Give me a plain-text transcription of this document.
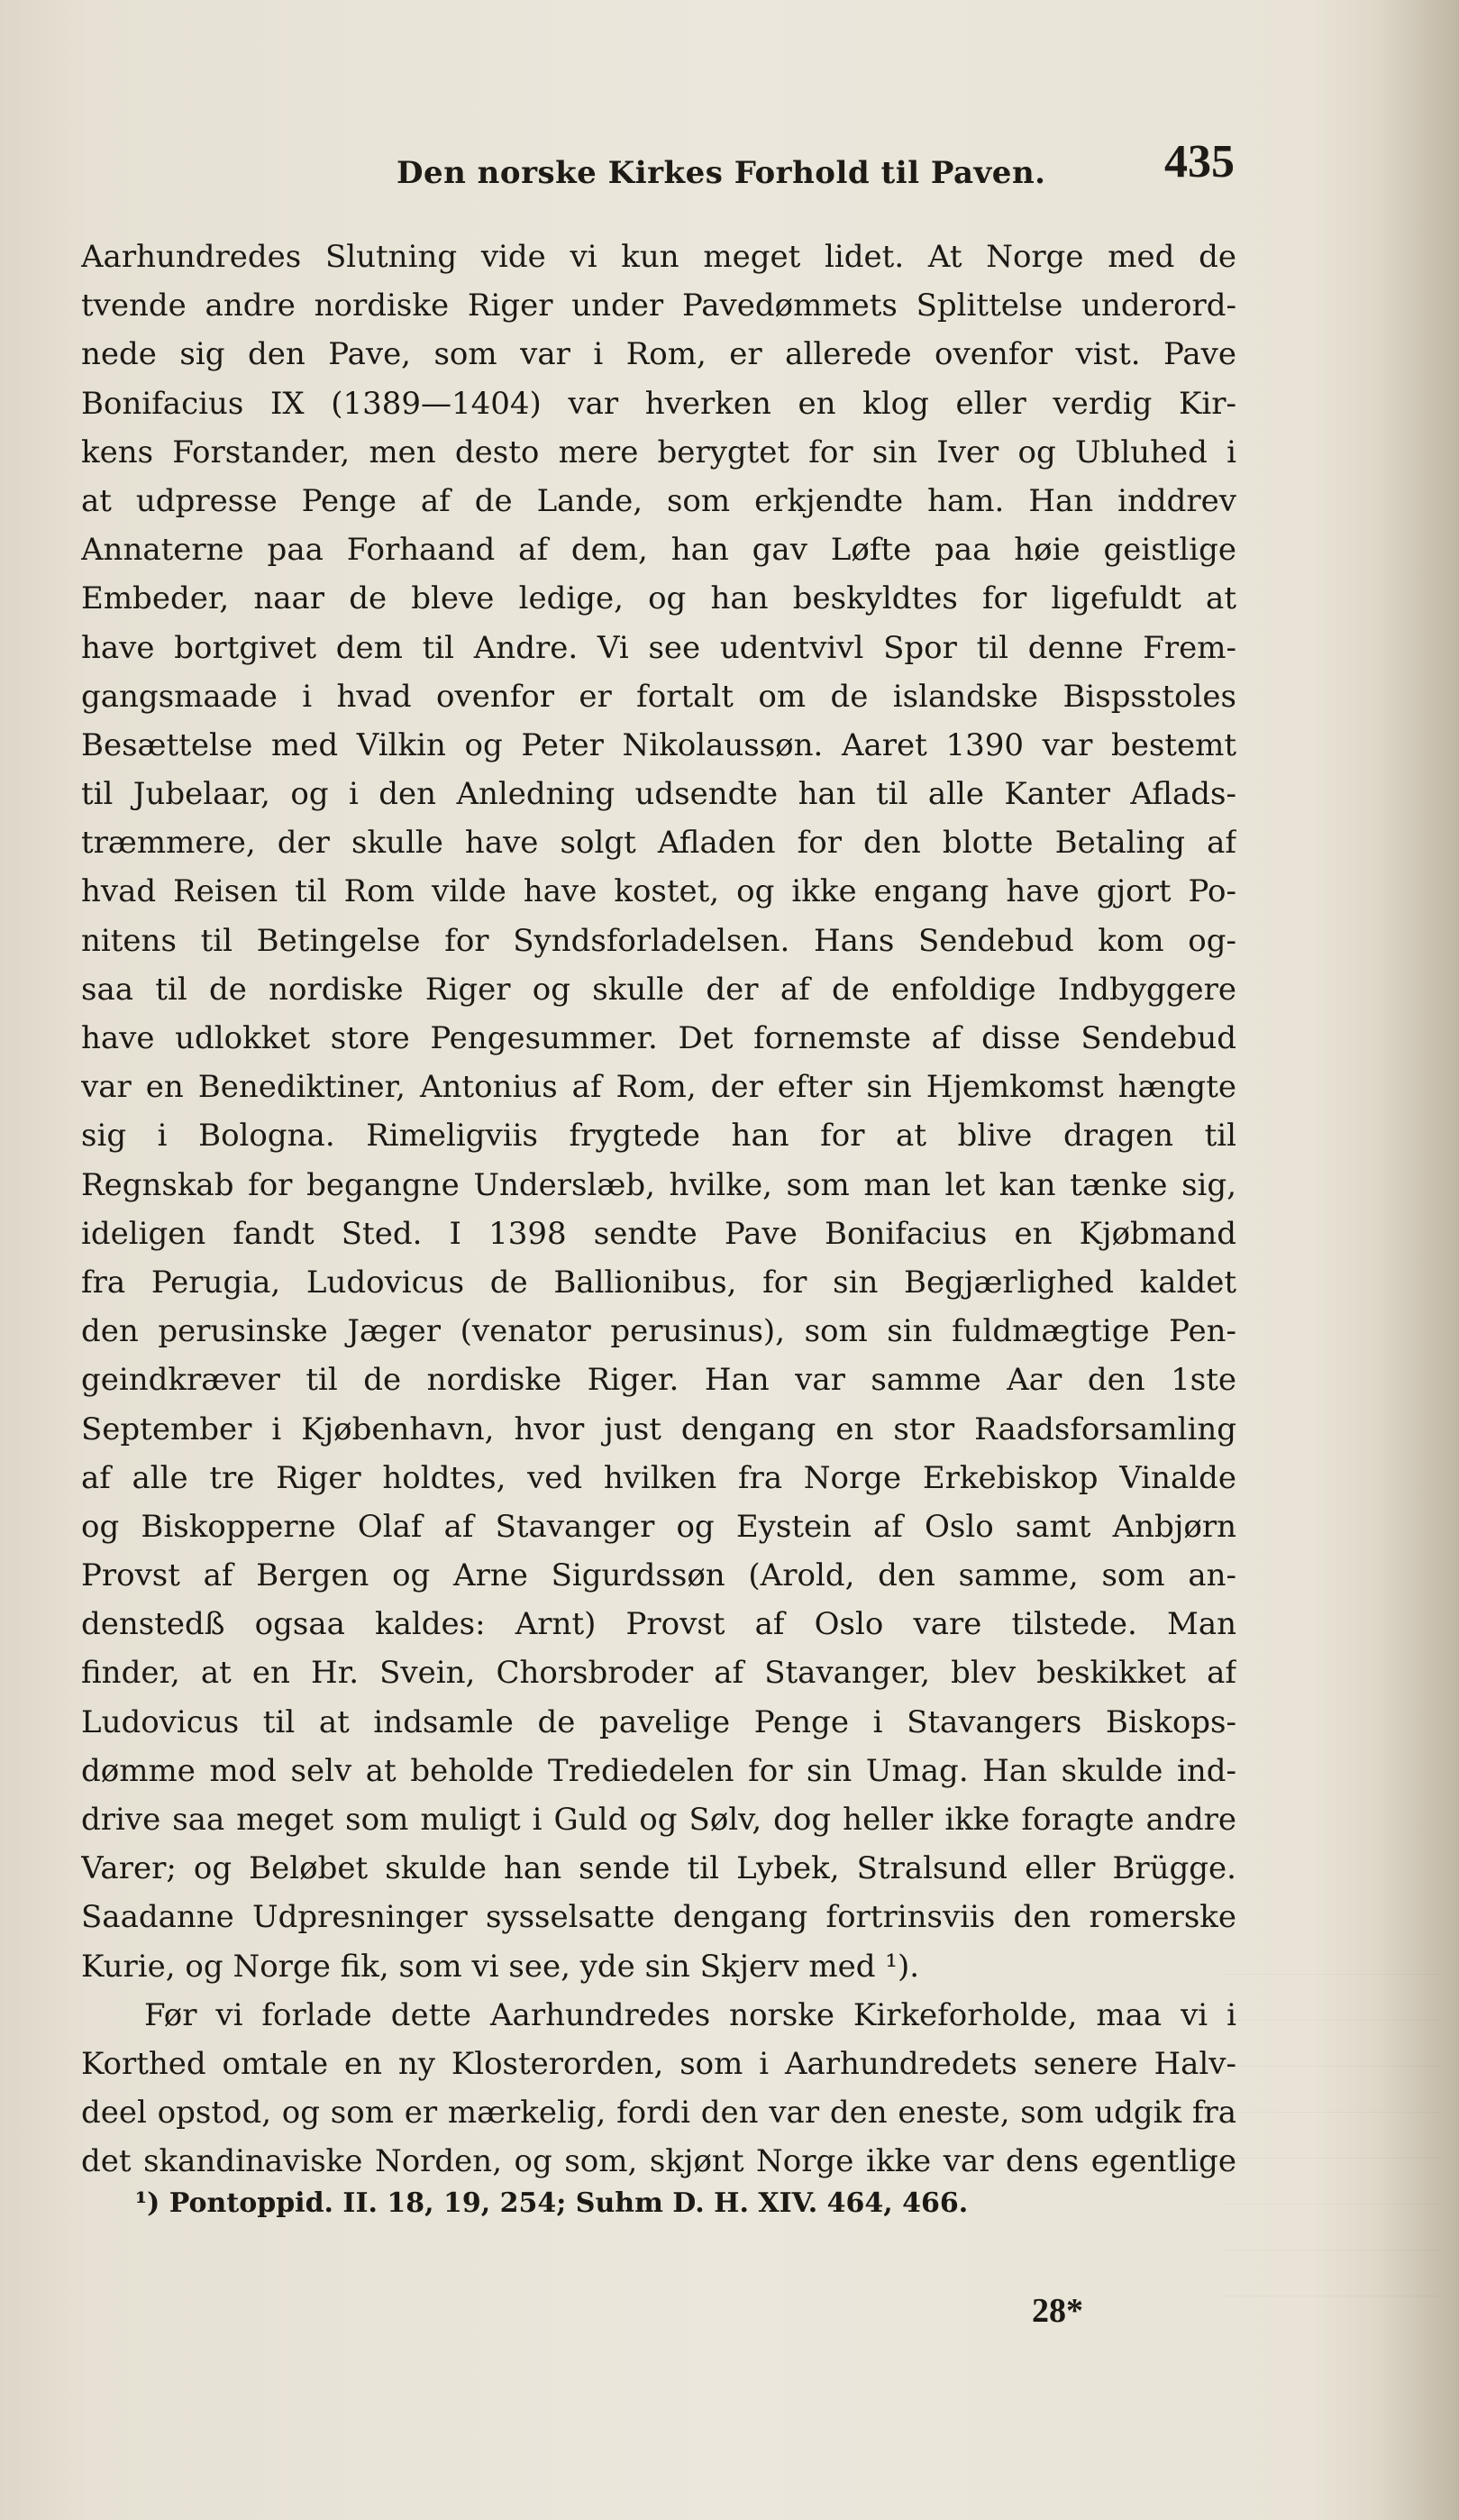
Den norske Kirkes Forhold til Paven.	435
Aarhundredes Slutning vide vi kun meget lidet. At Norge med de
tvende andre nordiske Riger under Pavedømmets Splittelse underord-
nede sig den Pave, som var i Rom, er allerede ovenfor vist. Pave
Bonifacius IX (1389—1404) var hverken en klog eller verdig Kir-
kens Forstander, men desto mere berygtet for sin Iver og Ubluhed i
at udpresse Penge af de Lande, som erkjendte ham. Han inddrev
Annaterne paa Forhaand af dem, han gav Løfte paa høie geistlige
Embeder, naar de bleve ledige, og han beskyldtes for ligefuldt at
have bortgivet dem til Andre. Vi see udentvivl Spor til denne Frem-
gangsmaade i hvad ovenfor er fortalt om de islandske Bispsstoles
Besættelse med Vilkin og Peter Nikolaussøn. Aaret 1390 var bestemt
til Jubelaar, og i den Anledning udsendte han til alle Kanter Aflads-
træmmere, der skulle have solgt Afladen for den blotte Betaling af
hvad Reisen til Rom vilde have kostet, og ikke engang have gjort Po-
nitens til Betingelse for Syndsforladelsen. Hans Sendebud kom og-
saa til de nordiske Riger og skulle der af de enfoldige Indbyggere
have udlokket store Pengesummer. Det fornemste af disse Sendebud
var en Benediktiner, Antonius af Rom, der efter sin Hjemkomst hængte
sig i Bologna. Rimeligviis frygtede han for at blive dragen til
Regnskab for begangne Underslæb, hvilke, som man let kan tænke sig,
ideligen fandt Sted. I 1398 sendte Pave Bonifacius en Kjøbmand
fra Perugia, Ludovicus de Ballionibus, for sin Begjærlighed kaldet
den perusinske Jæger (venator perusinus), som sin fuldmægtige Pen-
geindkræver til de nordiske Riger. Han var samme Aar den 1ste
September i Kjøbenhavn, hvor just dengang en stor Raadsforsamling
af alle tre Riger holdtes, ved hvilken fra Norge Erkebiskop Vinalde
og Biskopperne Olaf af Stavanger og Eystein af Oslo samt Anbjørn
Provst af Bergen og Arne Sigurdssøn (Arold, den samme, som an-
denstedß ogsaa kaldes: Arnt) Provst af Oslo vare tilstede. Man
finder, at en Hr. Svein, Chorsbroder af Stavanger, blev beskikket af
Ludovicus til at indsamle de pavelige Penge i Stavangers Biskops-
dømme mod selv at beholde Trediedelen for sin Umag. Han skulde ind-
drive saa meget som muligt i Guld og Sølv, dog heller ikke foragte andre
Varer; og Beløbet skulde han sende til Lybek, Stralsund eller Brügge.
Saadanne Udpresninger sysselsatte dengang fortrinsviis den romerske
Kurie, og Norge fik, som vi see, yde sin Skjerv med ¹).
Før vi forlade dette Aarhundredes norske Kirkeforholde, maa vi i
Korthed omtale en ny Klosterorden, som i Aarhundredets senere Halv-
deel opstod, og som er mærkelig, fordi den var den eneste, som udgik fra
det skandinaviske Norden, og som, skjønt Norge ikke var dens egentlige
¹) Pontoppid. II. 18, 19, 254; Suhm D. H. XIV. 464, 466.
28*
